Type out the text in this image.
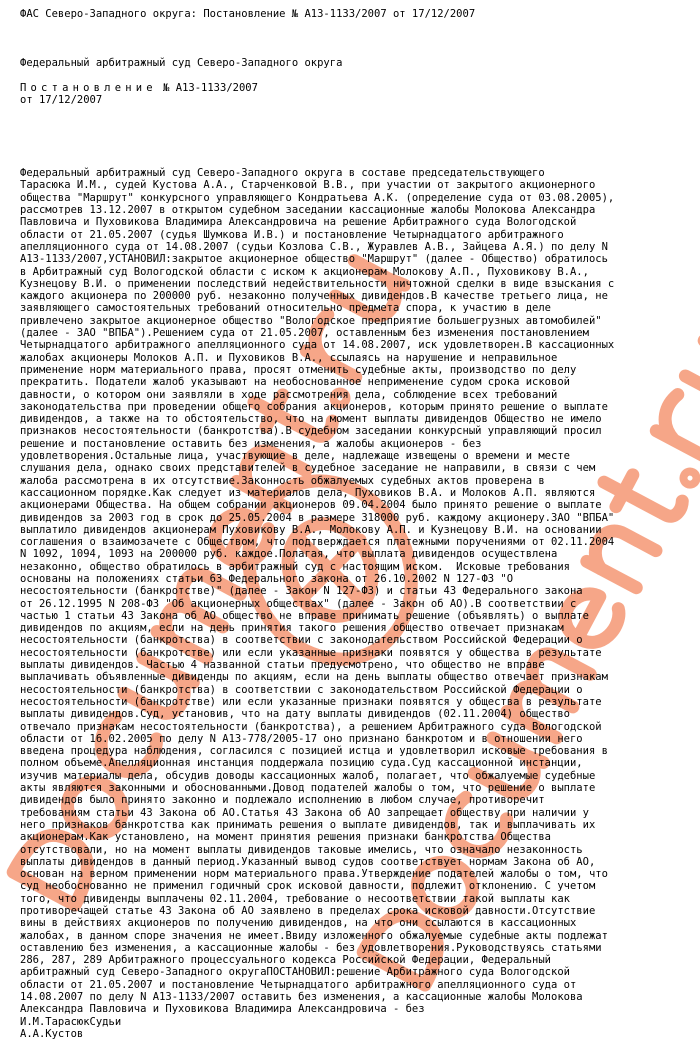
ФАС Северо-Западного округа: Постановление № А13-1133/2007 от 17/12/2007
Федеральный арбитражный суд Северо-Западного округа
Постановление № А13-1133/2007
от 17/12/2007
Федеральный арбитражный суд Северо-Западного округа в составе председательствующего
Тарасюка И.М., судей Кустова А.А., Старченковой В.В., при участии от закрытого акционерного
общества "Маршрут" конкурсного управляющего Кондратьева А.К. (определение суда от 03.08.2005),
рассмотрев 13.12.2007 в открытом судебном заседании кассационные жалобы Молокова Александра
Павловича и Пуховикова Владимира Александровича на решение Арбитражного суда Вологодской
области от 21.05.2007 (судья Шумкова И.В.) и постановление Четырнадцатого арбитражного
апелляционного суда от 14.08.2007 (судьи Козлова С.В., Журавлев А.В., Зайцева А.Я.) по делу N
А13-1133/2007,УСТАНОВИЛ:закрытое акционерное общество "Маршрут" (далее - Общество) обратилось
в Арбитражный суд Вологодской области с иском к акционерам Молокову А.П., Пуховикову В.А.,
Кузнецову В.И. о применении последствий недействительности ничтожной сделки в виде взыскания с
каждого акционера по 200000 руб. незаконно полученных дивидендов.В качестве третьего лица, не
заявляющего самостоятельных требований относительно предмета спора, к участию в деле
привлечено закрытое акционерное общество "Вологодское предприятие большегрузных автомобилей"
(далее - ЗАО "ВПБА").Решением суда от 21.05.2007, оставленным без изменения постановлением
Четырнадцатого арбитражного апелляционного суда от 14.08.2007, иск удовлетворен.В кассационных
жалобах акционеры Молоков А.П. и Пуховиков В.А., ссылаясь на нарушение и неправильное
применение норм материального права, просят отменить судебные акты, производство по делу
прекратить. Податели жалоб указывают на необоснованное неприменение судом срока исковой
давности, о котором они заявляли в ходе рассмотрения дела, соблюдение всех требований
законодательства при проведении общего собрания акционеров, которым принято решение о выплате
дивидендов, а также на то обстоятельство, что на момент выплаты дивидендов Общество не имело
признаков несостоятельности (банкротства).В судебном заседании конкурсный управляющий просил
решение и постановление оставить без изменения, а жалобы акционеров - без
удовлетворения.Остальные лица, участвующие в деле, надлежаще извещены о времени и месте
слушания дела, однако своих представителей в судебное заседание не направили, в связи с чем
жалоба рассмотрена в их отсутствие.Законность обжалуемых судебных актов проверена в
кассационном порядке.Как следует из материалов дела, Пуховиков В.А. и Молоков А.П. являются
акционерами Общества. На общем собрании акционеров 09.04.2004 было принято решение о выплате
дивидендов за 2003 год в срок до 25.05.2004 в размере 318000 руб. каждому акционеру.ЗАО "ВПБА"
выплатило дивидендов акционерам Пуховикову В.А., Молокову А.П. и Кузнецову В.И. на основании
соглашения о взаимозачете с Обществом, что подтверждается платежными поручениями от 02.11.2004
N 1092, 1094, 1093 на 200000 руб. каждое.Полагая, что выплата дивидендов осуществлена
незаконно, общество обратилось в арбитражный суд с настоящим иском.  Исковые требования
основаны на положениях статьи 63 Федерального закона от 26.10.2002 N 127-ФЗ "О
несостоятельности (банкротстве)" (далее - Закон N 127-ФЗ) и статьи 43 Федерального закона
от 26.12.1995 N 208-ФЗ "Об акционерных обществах" (далее - Закон об АО).В соответствии с
частью 1 статьи 43 Закона об АО общество не вправе принимать решение (объявлять) о выплате
дивидендов по акциям, если на день принятия такого решения общество отвечает признакам
несостоятельности (банкротства) в соответствии с законодательством Российской Федерации о
несостоятельности (банкротстве) или если указанные признаки появятся у общества в результате
выплаты дивидендов. Частью 4 названной статьи предусмотрено, что общество не вправе
выплачивать объявленные дивиденды по акциям, если на день выплаты общество отвечает признакам
несостоятельности (банкротства) в соответствии с законодательством Российской Федерации о
несостоятельности (банкротстве) или если указанные признаки появятся у общества в результате
выплаты дивидендов.Суд, установив, что на дату выплаты дивидендов (02.11.2004) общество
отвечало признакам несостоятельности (банкротства), а решением Арбитражного суда Вологодской
области от 16.02.2005 по делу N А13-778/2005-17 оно признано банкротом и в отношении него
введена процедура наблюдения, согласился с позицией истца и удовлетворил исковые требования в
полном объеме.Апелляционная инстанция поддержала позицию суда.Суд кассационной инстанции,
изучив материалы дела, обсудив доводы кассационных жалоб, полагает, что обжалуемые судебные
акты являются законными и обоснованными.Довод подателей жалобы о том, что решение о выплате
дивидендов было принято законно и подлежало исполнению в любом случае, противоречит
требованиям статьи 43 Закона об АО.Статья 43 Закона об АО запрещает обществу при наличии у
него признаков банкротства как принимать решения о выплате дивидендов, так и выплачивать их
акционерам.Как установлено, на момент принятия решения признаки банкротства Общества
отсутствовали, но на момент выплаты дивидендов таковые имелись, что означало незаконность
выплаты дивидендов в данный период.Указанный вывод судов соответствует нормам Закона об АО,
основан на верном применении норм материального права.Утверждение подателей жалобы о том, что
суд необоснованно не применил годичный срок исковой давности, подлежит отклонению. С учетом
того, что дивиденды выплачены 02.11.2004, требование о несоответствии такой выплаты как
противоречащей статье 43 Закона об АО заявлено в пределах срока исковой давности.Отсутствие
вины в действиях акционеров по получению дивидендов, на что они ссылаются в кассационных
жалобах, в данном споре значения не имеет.Ввиду изложенного обжалуемые судебные акты подлежат
оставлению без изменения, а кассационные жалобы - без удовлетворения.Руководствуясь статьями
286, 287, 289 Арбитражного процессуального кодекса Российской Федерации, Федеральный
арбитражный суд Северо-Западного округаПОСТАНОВИЛ:решение Арбитражного суда Вологодской
области от 21.05.2007 и постановление Четырнадцатого арбитражного апелляционного суда от
14.08.2007 по делу N А13-1133/2007 оставить без изменения, а кассационные жалобы Молокова
Александра Павловича и Пуховикова Владимира Александровича - без
И.М.ТарасюкСудьи
А.А.Кустов
